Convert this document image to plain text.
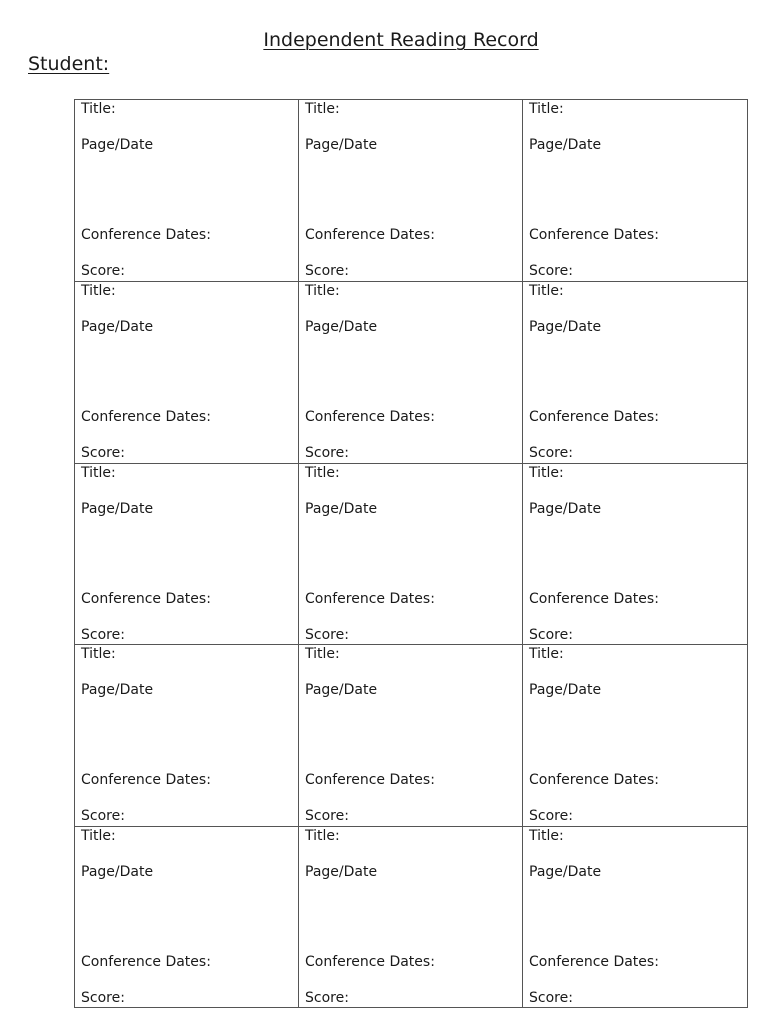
Independent Reading Record
Student:
Title:
Page/Date
Conference Dates:
Score:
Title:
Page/Date
Conference Dates:
Score:
Title:
Page/Date
Conference Dates:
Score:
Title:
Page/Date
Conference Dates:
Score:
Title:
Page/Date
Conference Dates:
Score:
Title:
Page/Date
Conference Dates:
Score:
Title:
Page/Date
Conference Dates:
Score:
Title:
Page/Date
Conference Dates:
Score:
Title:
Page/Date
Conference Dates:
Score:
Title:
Page/Date
Conference Dates:
Score:
Title:
Page/Date
Conference Dates:
Score:
Title:
Page/Date
Conference Dates:
Score:
Title:
Page/Date
Conference Dates:
Score:
Title:
Page/Date
Conference Dates:
Score:
Title:
Page/Date
Conference Dates:
Score:
